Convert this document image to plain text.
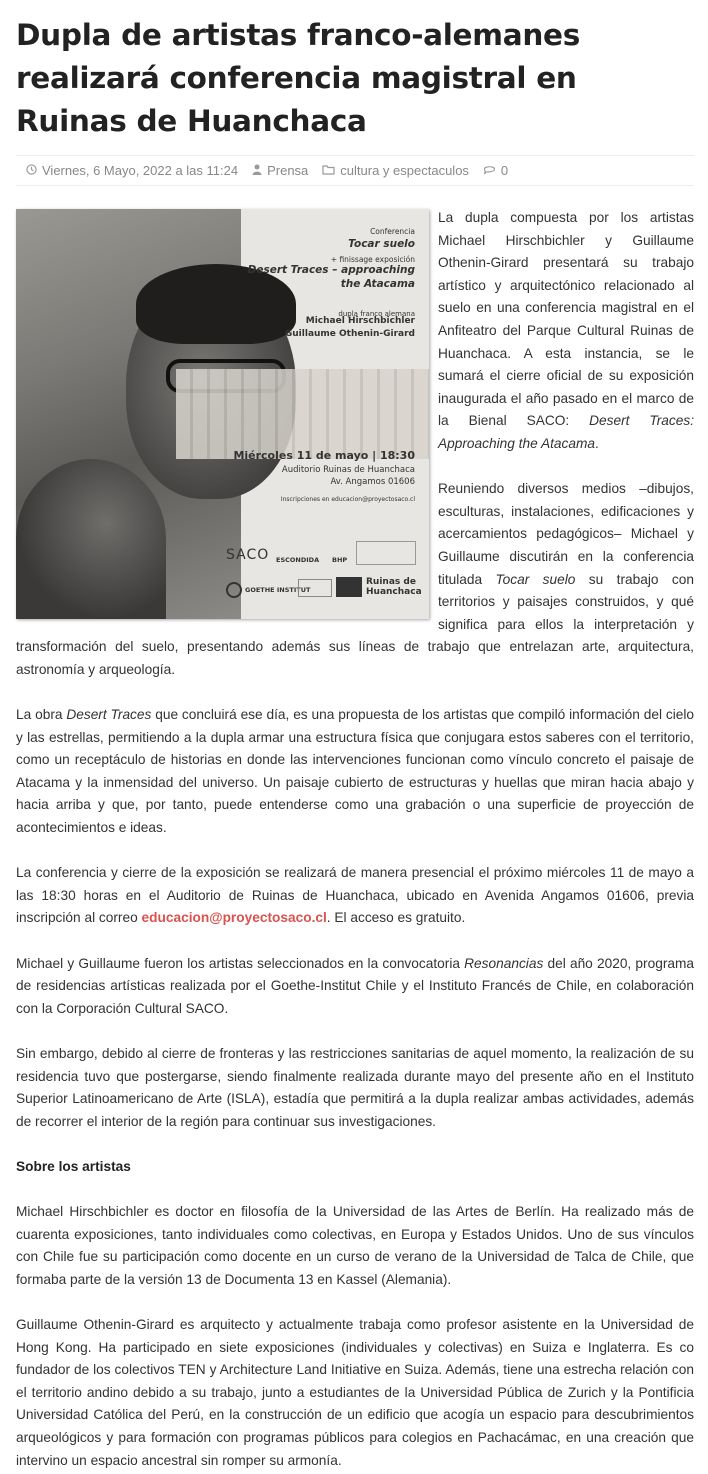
Dupla de artistas franco-alemanes realizará conferencia magistral en Ruinas de Huanchaca
Viernes, 6 Mayo, 2022 a las 11:24 Prensa cultura y espectaculos 0
Conferencia
Tocar suelo
+ finissage exposición
Desert Traces – approaching the Atacama
dupla franco alemana
Michael Hirschbichler
Guillaume Othenin-Girard
Miércoles 11 de mayo | 18:30
Auditorio Ruinas de Huanchaca
Av. Angamos 01606
Inscripciones en educacion@proyectosaco.cl
SACO ESCONDIDA BHP
GOETHE INSTITUT
Ruinas de
Huanchaca

La dupla compuesta por los artistas Michael Hirschbichler y Guillaume Othenin-Girard presentará su trabajo artístico y arquitectónico relacionado al suelo en una conferencia magistral en el Anfiteatro del Parque Cultural Ruinas de Huanchaca. A esta instancia, se le sumará el cierre oficial de su exposición inaugurada el año pasado en el marco de la Bienal SACO: Desert Traces: Approaching the Atacama.

Reuniendo diversos medios –dibujos, esculturas, instalaciones, edificaciones y acercamientos pedagógicos– Michael y Guillaume discutirán en la conferencia titulada Tocar suelo su trabajo con territorios y paisajes construidos, y qué significa para ellos la interpretación y transformación del suelo, presentando además sus líneas de trabajo que entrelazan arte, arquitectura, astronomía y arqueología.

La obra Desert Traces que concluirá ese día, es una propuesta de los artistas que compiló información del cielo y las estrellas, permitiendo a la dupla armar una estructura física que conjugara estos saberes con el territorio, como un receptáculo de historias en donde las intervenciones funcionan como vínculo concreto el paisaje de Atacama y la inmensidad del universo. Un paisaje cubierto de estructuras y huellas que miran hacia abajo y hacia arriba y que, por tanto, puede entenderse como una grabación o una superficie de proyección de acontecimientos e ideas.

La conferencia y cierre de la exposición se realizará de manera presencial el próximo miércoles 11 de mayo a las 18:30 horas en el Auditorio de Ruinas de Huanchaca, ubicado en Avenida Angamos 01606, previa inscripción al correo educacion@proyectosaco.cl. El acceso es gratuito.

Michael y Guillaume fueron los artistas seleccionados en la convocatoria Resonancias del año 2020, programa de residencias artísticas realizada por el Goethe-Institut Chile y el Instituto Francés de Chile, en colaboración con la Corporación Cultural SACO.

Sin embargo, debido al cierre de fronteras y las restricciones sanitarias de aquel momento, la realización de su residencia tuvo que postergarse, siendo finalmente realizada durante mayo del presente año en el Instituto Superior Latinoamericano de Arte (ISLA), estadía que permitirá a la dupla realizar ambas actividades, además de recorrer el interior de la región para continuar sus investigaciones.

Sobre los artistas

Michael Hirschbichler es doctor en filosofía de la Universidad de las Artes de Berlín. Ha realizado más de cuarenta exposiciones, tanto individuales como colectivas, en Europa y Estados Unidos. Uno de sus vínculos con Chile fue su participación como docente en un curso de verano de la Universidad de Talca de Chile, que formaba parte de la versión 13 de Documenta 13 en Kassel (Alemania).

Guillaume Othenin-Girard es arquitecto y actualmente trabaja como profesor asistente en la Universidad de Hong Kong. Ha participado en siete exposiciones (individuales y colectivas) en Suiza e Inglaterra. Es co fundador de los colectivos TEN y Architecture Land Initiative en Suiza. Además, tiene una estrecha relación con el territorio andino debido a su trabajo, junto a estudiantes de la Universidad Pública de Zurich y la Pontificia Universidad Católica del Perú, en la construcción de un edificio que acogía un espacio para descubrimientos arqueológicos y para formación con programas públicos para colegios en Pachacámac, en una creación que intervino un espacio ancestral sin romper su armonía.
